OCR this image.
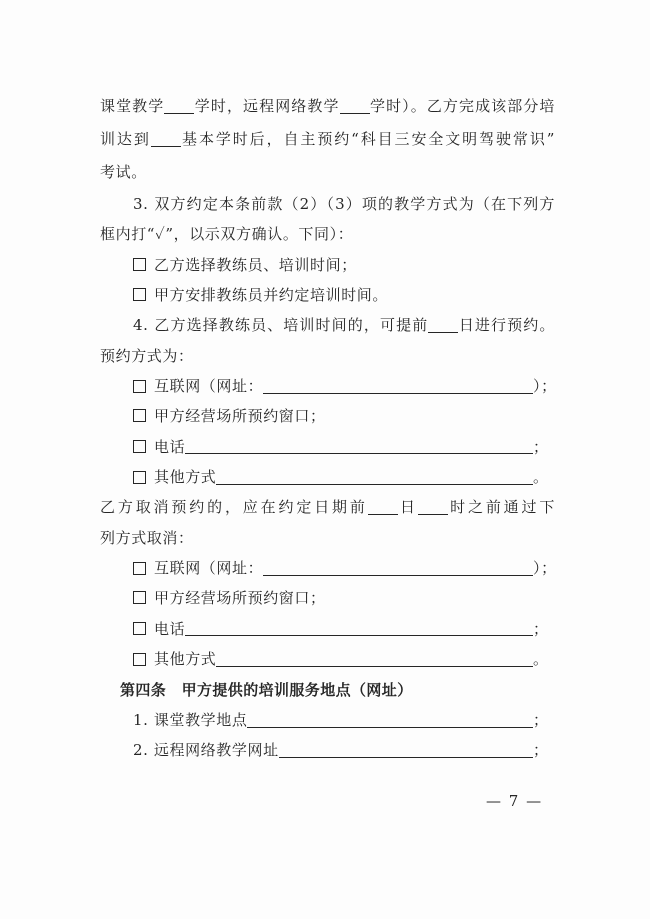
课堂教学 学时，远程网络教学 学时）。乙方完成该部分培
训达到 基本学时后，自主预约“科目三安全文明驾驶常识”
考试。
3. 双方约定本条前款（2）（3）项的教学方式为（在下列方
框内打“✓”，以示双方确认。下同）：
乙方选择教练员、培训时间；
甲方安排教练员并约定培训时间。
4. 乙方选择教练员、培训时间的，可提前 日进行预约。
预约方式为：
互联网（网址：	）；
甲方经营场所预约窗口；
电话	；
其他方式	。
乙方取消预约的，应在约定日期前 日 时之前通过下
列方式取消：
互联网（网址：	）；
甲方经营场所预约窗口；
电话	；
其他方式	。
第四条　甲方提供的培训服务地点（网址）
1. 课堂教学地点	；
2. 远程网络教学网址	；
— 7 —
